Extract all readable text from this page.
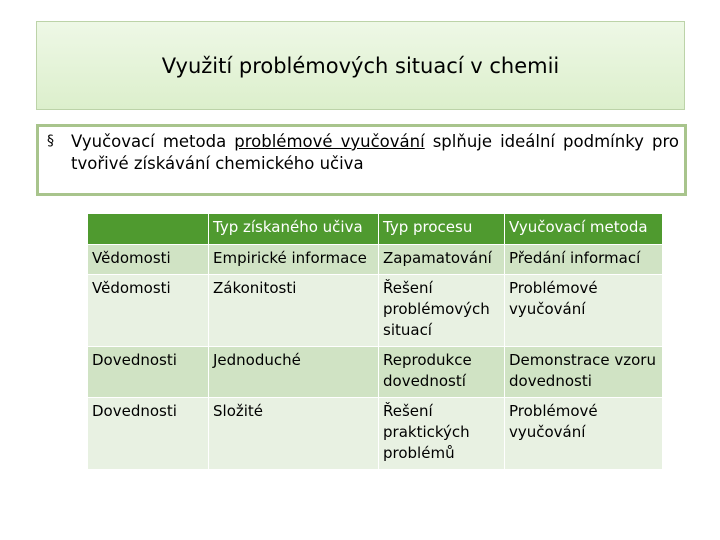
Využití problémových situací v chemii
§ Vyučovací metoda problémové vyučování splňuje ideální podmínky pro tvořivé získávání chemického učiva
	Typ získaného učiva	Typ procesu	Vyučovací metoda
Vědomosti	Empirické informace	Zapamatování	Předání informací
Vědomosti	Zákonitosti	Řešení problémových situací	Problémové vyučování
Dovednosti	Jednoduché	Reprodukce dovedností	Demonstrace vzoru dovednosti
Dovednosti	Složité	Řešení praktických problémů	Problémové vyučování
